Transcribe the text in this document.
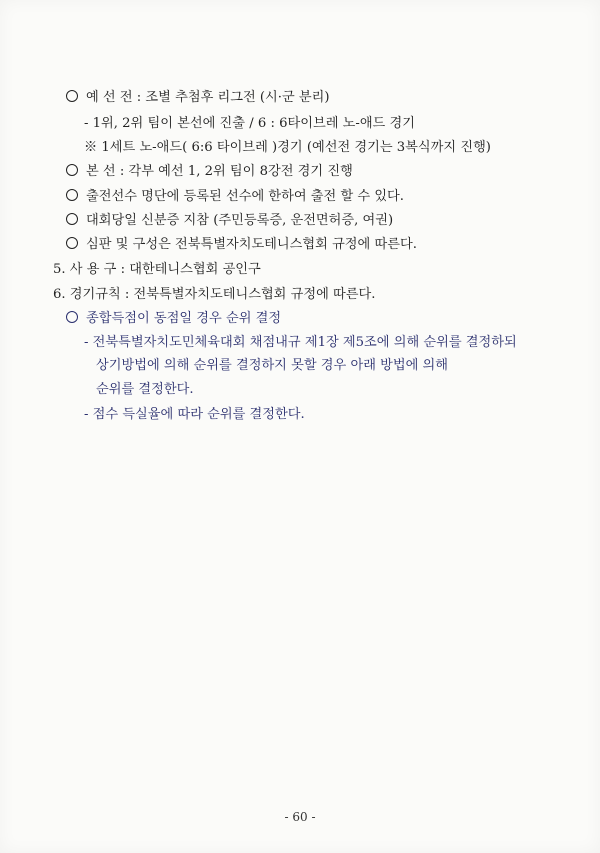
예 선 전 : 조별 추첨후 리그전 (시·군 분리)
- 1위, 2위 팀이 본선에 진출 / 6 : 6타이브레 노-애드 경기
※ 1세트 노-애드( 6:6 타이브레 )경기 (예선전 경기는 3복식까지 진행)
본 선 : 각부 예선 1, 2위 팀이 8강전 경기 진행
출전선수 명단에 등록된 선수에 한하여 출전 할 수 있다.
대회당일 신분증 지참 (주민등록증, 운전면허증, 여권)
심판 및 구성은 전북특별자치도테니스협회 규정에 따른다.
5. 사 용 구 : 대한테니스협회 공인구
6. 경기규칙 : 전북특별자치도테니스협회 규정에 따른다.
종합득점이 동점일 경우 순위 결정
- 전북특별자치도민체육대회 채점내규 제1장 제5조에 의해 순위를 결정하되
상기방법에 의해 순위를 결정하지 못할 경우 아래 방법에 의해
순위를 결정한다.
- 점수 득실율에 따라 순위를 결정한다.
- 60 -
